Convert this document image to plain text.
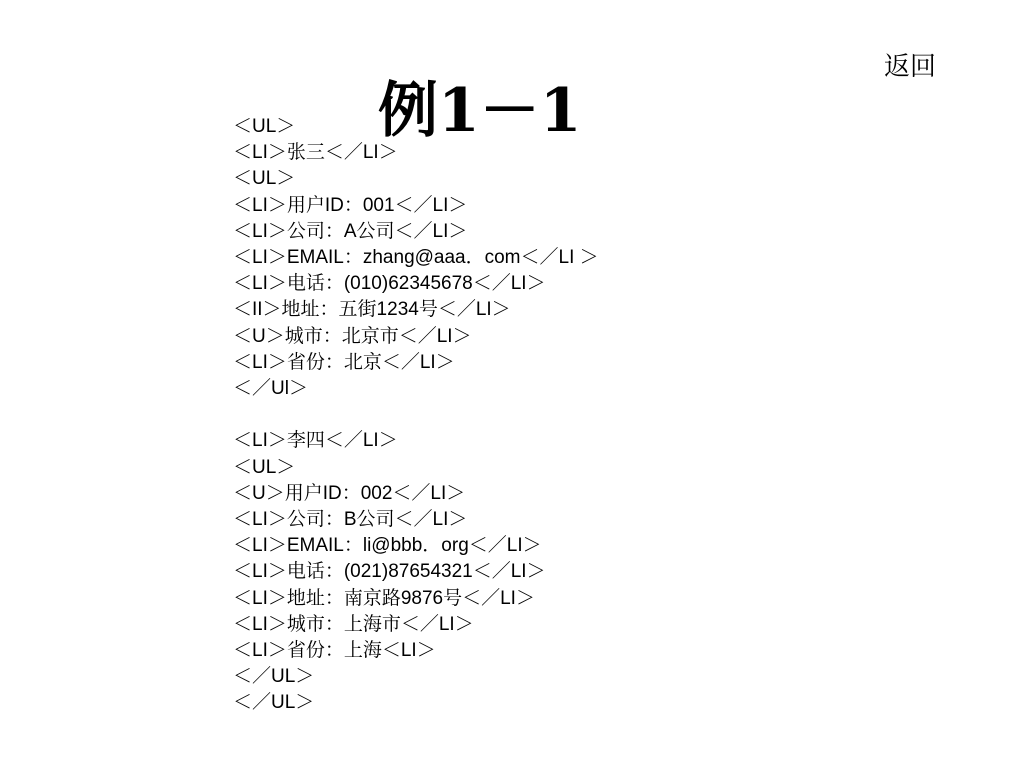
返回
例1－1
＜UL＞
＜LI＞张三＜／LI＞
＜UL＞
＜LI＞用户ID：001＜／LI＞
＜LI＞公司：A公司＜／LI＞
＜LI＞EMAIL：zhang@aaa．com＜／LI ＞
＜LI＞电话：(010)62345678＜／LI＞
＜II＞地址：五街1234号＜／LI＞
＜U＞城市：北京市＜／LI＞
＜LI＞省份：北京＜／LI＞
＜／Ul＞
＜LI＞李四＜／LI＞
＜UL＞
＜U＞用户ID：002＜／LI＞
＜LI＞公司：B公司＜／LI＞
＜LI＞EMAIL：li@bbb．org＜／LI＞
＜LI＞电话：(021)87654321＜／LI＞
＜LI＞地址：南京路9876号＜／LI＞
＜LI＞城市：上海市＜／LI＞
＜LI＞省份：上海＜LI＞
＜／UL＞
＜／UL＞
